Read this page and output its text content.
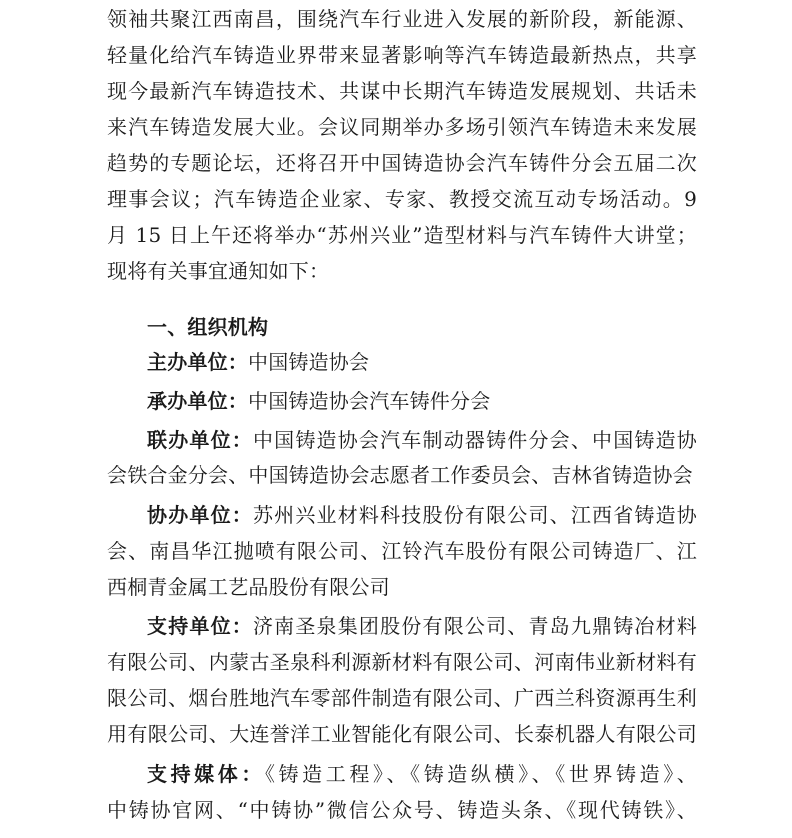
领袖共聚江西南昌，围绕汽车行业进入发展的新阶段，新能源、
轻量化给汽车铸造业界带来显著影响等汽车铸造最新热点，共享
现今最新汽车铸造技术、共谋中长期汽车铸造发展规划、共话未
来汽车铸造发展大业。会议同期举办多场引领汽车铸造未来发展
趋势的专题论坛，还将召开中国铸造协会汽车铸件分会五届二次
理事会议；汽车铸造企业家、专家、教授交流互动专场活动。9
月 15 日上午还将举办“苏州兴业”造型材料与汽车铸件大讲堂；
现将有关事宜通知如下：
一、组织机构
主办单位：中国铸造协会
承办单位：中国铸造协会汽车铸件分会
联办单位：中国铸造协会汽车制动器铸件分会、中国铸造协
会铁合金分会、中国铸造协会志愿者工作委员会、吉林省铸造协会
协办单位：苏州兴业材料科技股份有限公司、江西省铸造协
会、南昌华江抛喷有限公司、江铃汽车股份有限公司铸造厂、江
西桐青金属工艺品股份有限公司
支持单位：济南圣泉集团股份有限公司、青岛九鼎铸冶材料
有限公司、内蒙古圣泉科利源新材料有限公司、河南伟业新材料有
限公司、烟台胜地汽车零部件制造有限公司、广西兰科资源再生利
用有限公司、大连誉洋工业智能化有限公司、长泰机器人有限公司
支持媒体：《铸造工程》、《铸造纵横》、《世界铸造》、
中铸协官网、“中铸协”微信公众号、铸造头条、《现代铸铁》、
